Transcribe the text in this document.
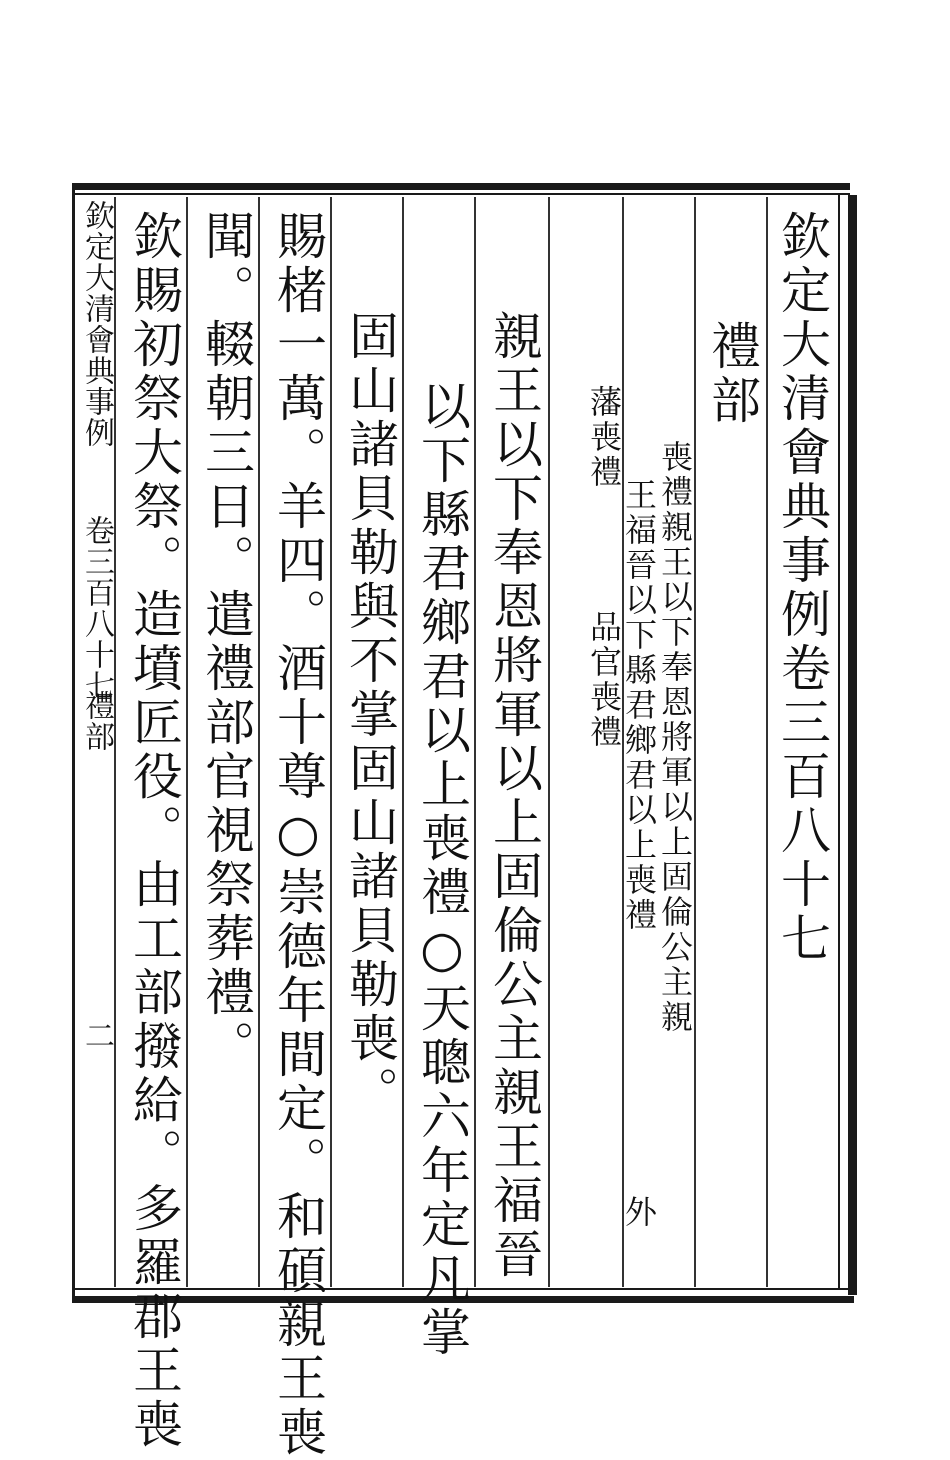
欽定大清會典事例卷三百八十七
禮部
喪禮親王以下奉恩將軍以上固倫公主親
王福晉以下縣君鄉君以上喪禮
外
藩喪禮
品官喪禮
親王以下奉恩將軍以上固倫公主親王福晉
以下縣君鄉君以上喪禮○天聰六年定凡掌
固山諸貝勒與不掌固山諸貝勒喪。
賜楮一萬。羊四。酒十尊○崇德年間定。和碩親王喪
聞。輟朝三日。遣禮部官視祭葬禮。
欽賜初祭大祭。造墳匠役。由工部撥給。多羅郡王喪
欽定大清會典事例
卷三百八十七
禮部
二
